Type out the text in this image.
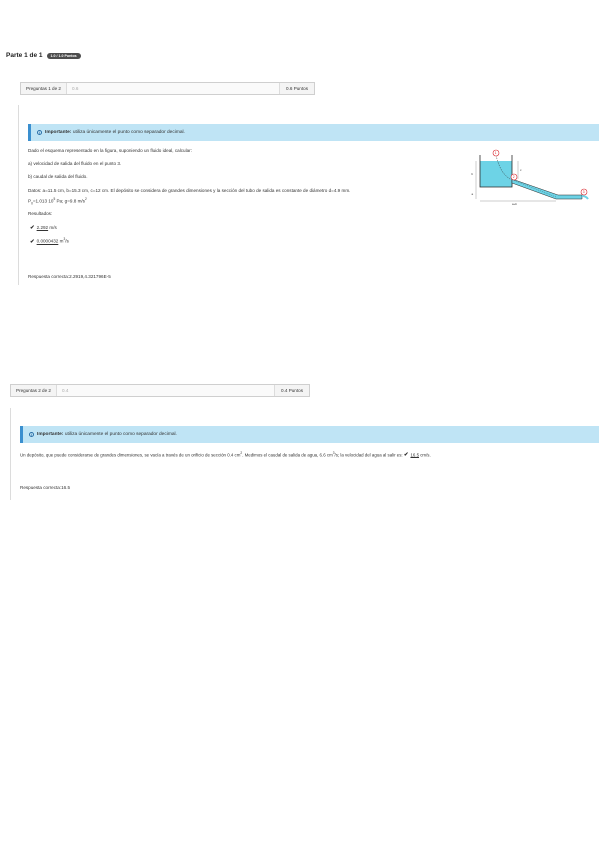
Parte 1 de 1	1.0 / 1.0 Puntos
Preguntas 1 de 2	0.6	0.6 Puntos
i	Importante: utiliza únicamente el punto como separador decimal.
Dado el esquema representado en la figura, suponiendo un fluido ideal, calcular:
a) velocidad de salida del fluido en el punto 3.
b) caudal de salida del fluido.
Datos: a=11.5 cm, b=15.3 cm, c=12 cm. El depósito se considera de grandes dimensiones y la sección del tubo de salida es constante de diámetro d=4.9 mm.
$P_0=1.013$ $10^5$ Pa; g=9.8 $m/s^2$
Resultados:
✔ 2.292 m/s
✔ 0.0000432 $m^3/s$
Respuesta correcta:2.2919,4.321796E-5
b
c
a
a+b
1
2
3
Preguntas 2 de 2	0.4	0.4 Puntos
i	Importante: utiliza únicamente el punto como separador decimal.
Un depósito, que puede considerarse de grandes dimensiones, se vacía a través de un orificio de sección 0.4 $cm^2$. Medimos el caudal de salida de agua, 6.6 $cm^3/s$; la velocidad del agua al salir es: ✔ 16.5 cm/s.
Respuesta correcta:16.5
